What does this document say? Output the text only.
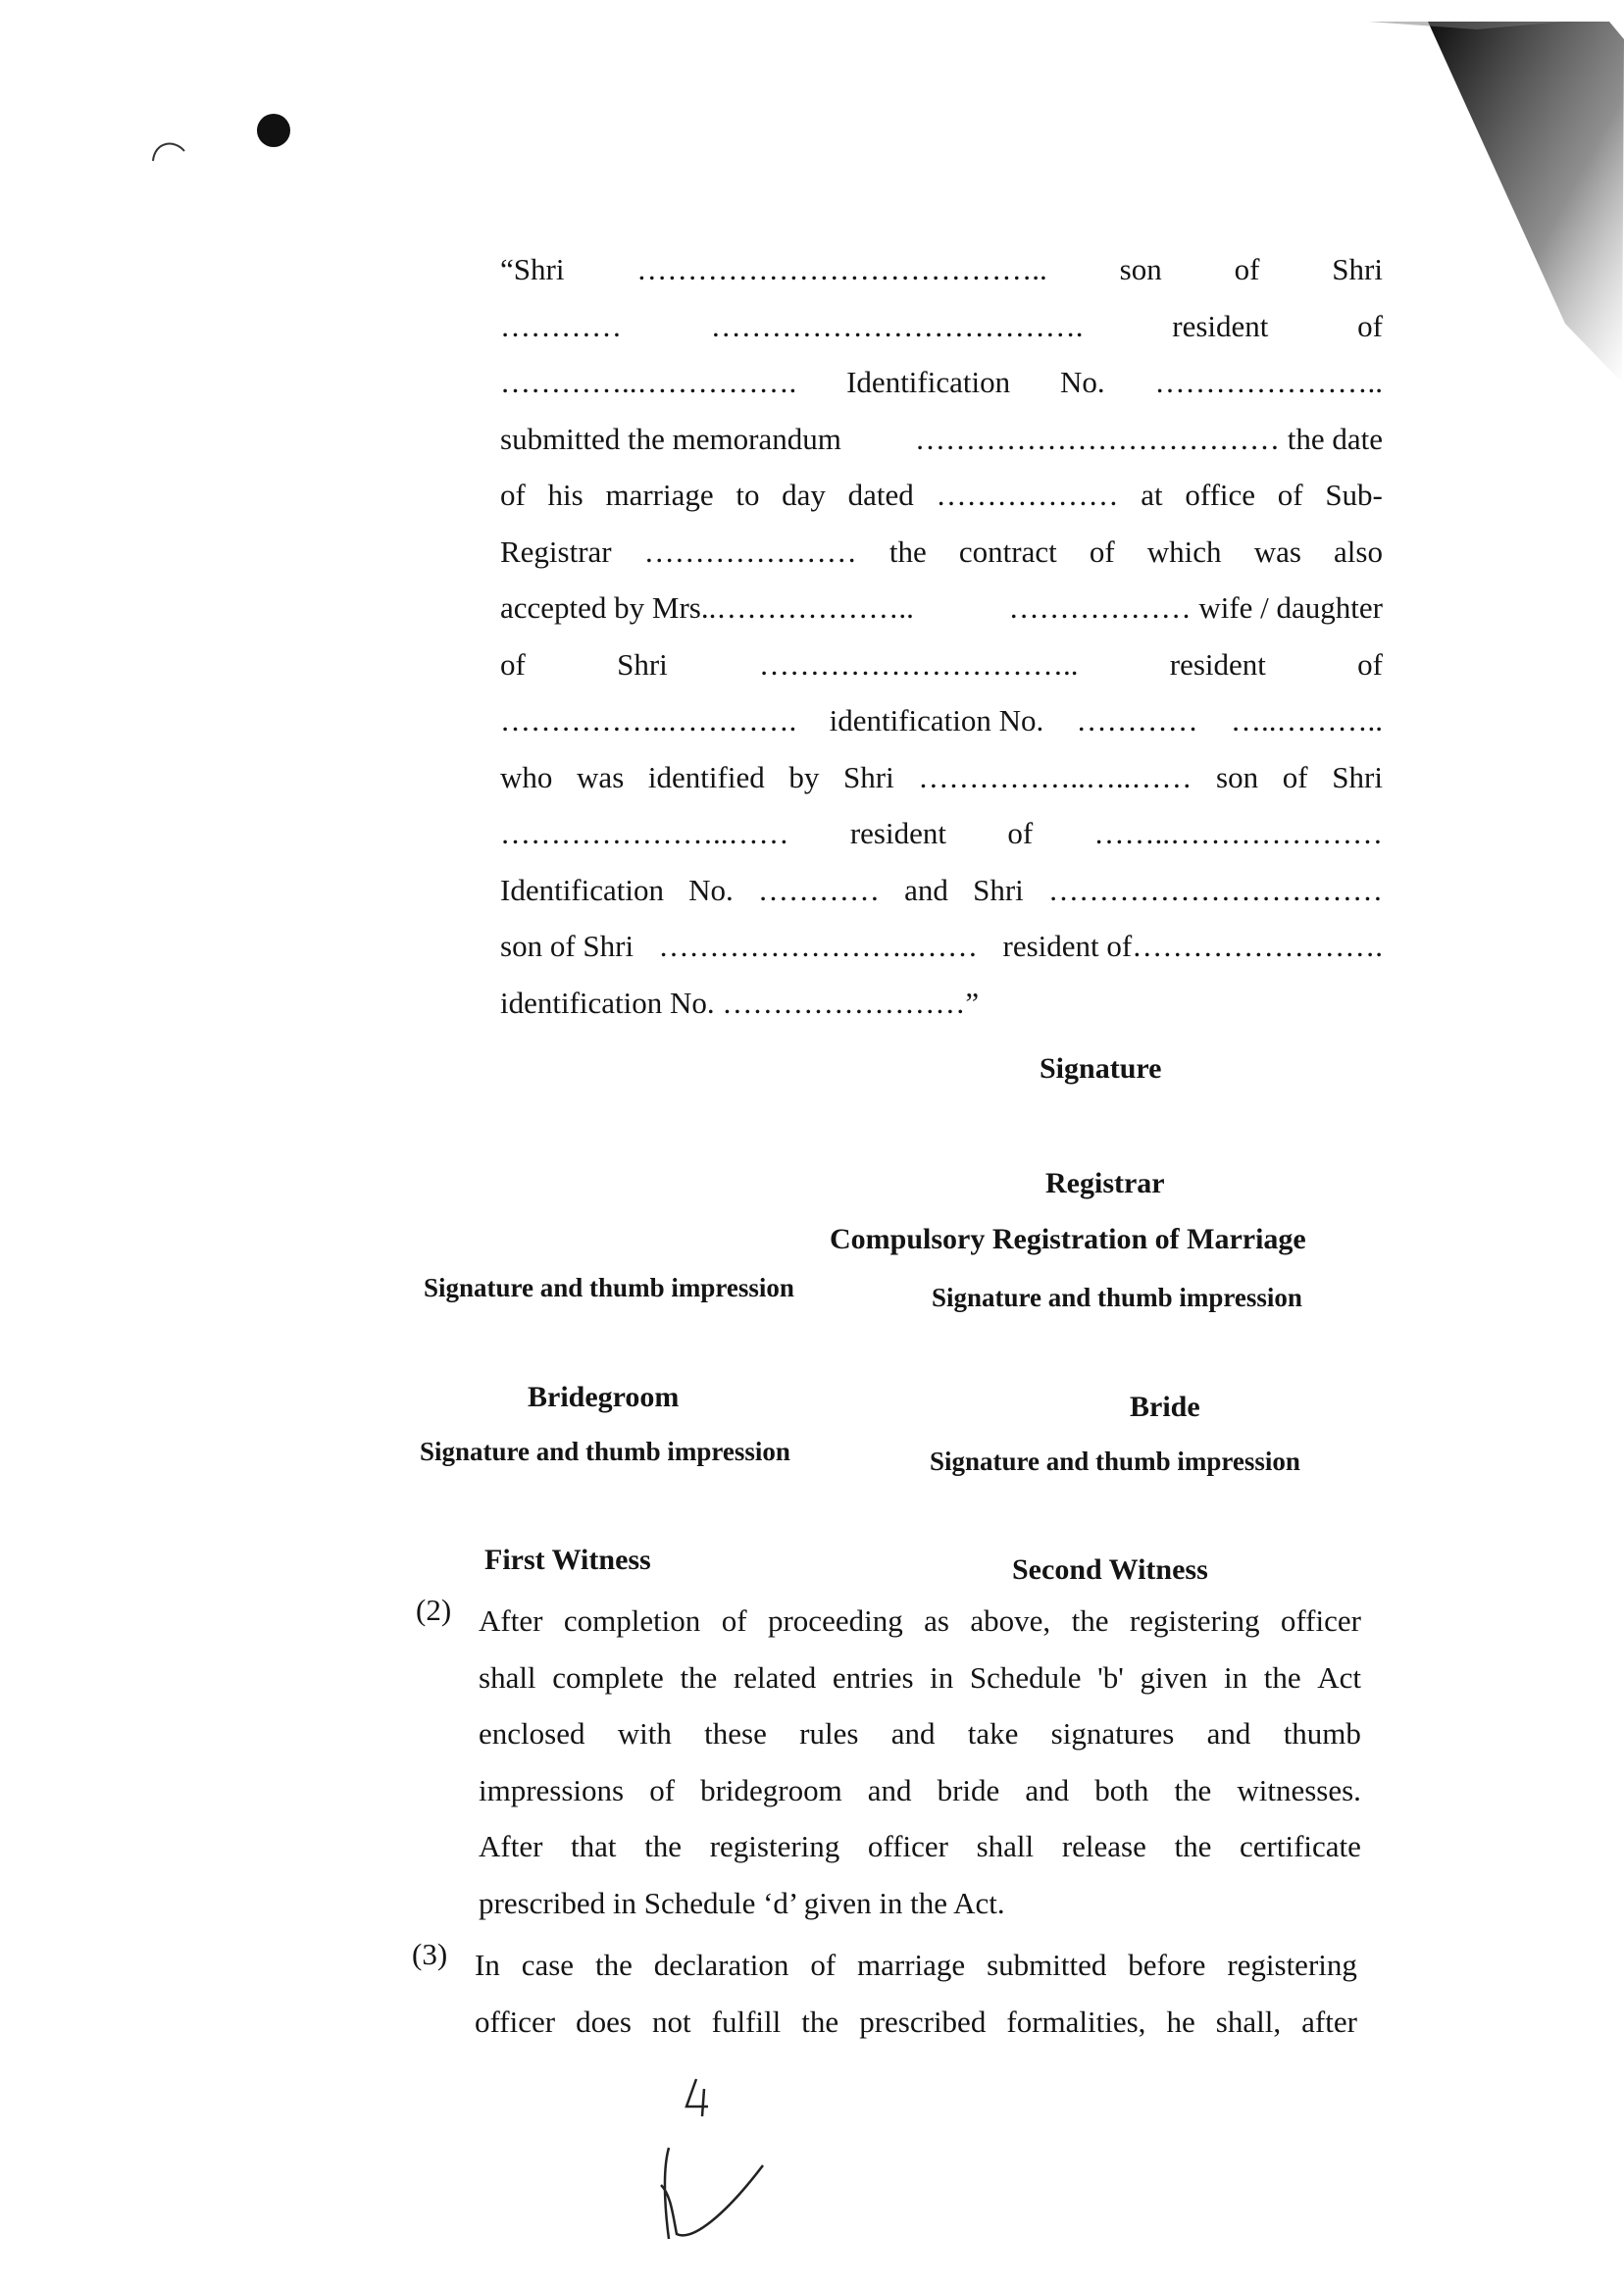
“Shri ………………………………….. son of Shri
…………	……………………………….	resident	of
…………..……………. Identification No. …………………..
submitted the memorandum ……………………………… the date
of his marriage to day dated ……………… at office of Sub-
Registrar ………………… the contract of which was also
accepted by Mrs..………………..	……………… wife / daughter
of	Shri	…………………………..	resident	of
……………..…………. identification No. ………… …..………..
who was identified by Shri ……………..…..…… son of Shri
…………………..…… resident of ……..…………………
Identification No. ………… and Shri ……………………………
son of Shri ……………………..…… resident of…………………….
identification No. ……………………”
Signature
Registrar
Compulsory Registration of Marriage
Signature and thumb impression	Signature and thumb impression
Bridegroom	Bride
Signature and thumb impression	Signature and thumb impression
First Witness	Second Witness
(2) After completion of proceeding as above, the registering officer
shall complete the related entries in Schedule 'b' given in the Act
enclosed with these rules and take signatures and thumb
impressions of bridegroom and bride and both the witnesses.
After that the registering officer shall release the certificate
prescribed in Schedule ‘d’ given in the Act.
(3) In case the declaration of marriage submitted before registering
officer does not fulfill the prescribed formalities, he shall, after
